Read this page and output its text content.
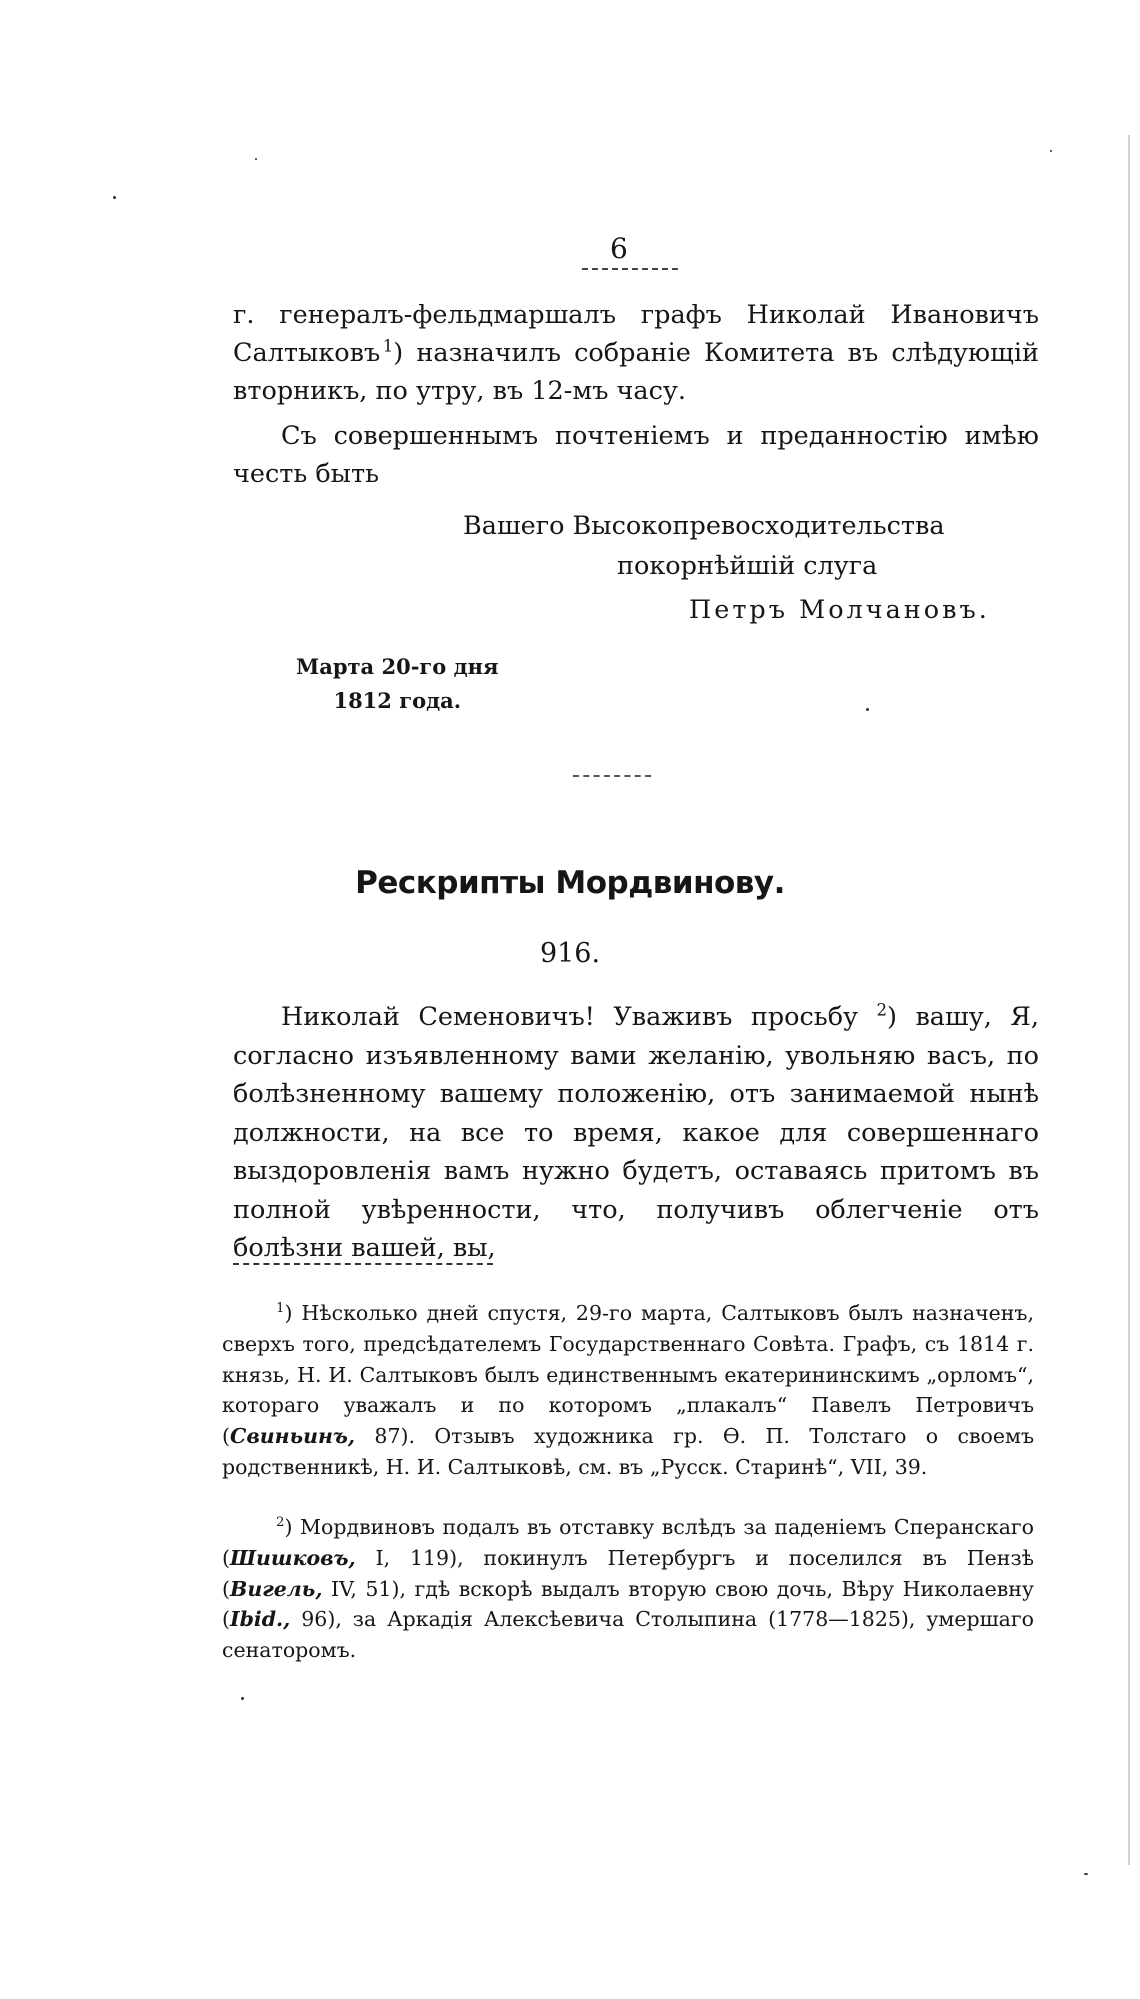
6

г. генералъ-фельдмаршалъ графъ Николай Ивановичъ Салтыковъ  $^1$) назначилъ собраніе Комитета въ слѣдующій вторникъ, по утру, въ 12-мъ часу.

Съ совершеннымъ почтеніемъ и преданностію имѣю честь быть

Вашего Высокопревосходительства
покорнѣйшій слуга
Петръ Молчановъ.
Марта 20-го дня
1812 года.
Рескрипты Мордвинову.
916.

Николай Семеновичъ! Уваживъ просьбу $^2$) вашу, Я, согласно изъявленному вами желанію, увольняю васъ, по болѣзненному вашему положенію, отъ занимаемой нынѣ должности, на все то время, какое для совершеннаго выздоровленія вамъ нужно будетъ, оставаясь притомъ въ полной увѣренности, что, получивъ облегченіе отъ болѣзни вашей, вы,

$^1$) Нѣсколько дней спустя, 29-го марта, Салтыковъ былъ назначенъ, сверхъ того, предсѣдателемъ Государственнаго Совѣта. Графъ, съ 1814 г. князь, Н. И. Салтыковъ былъ единственнымъ екатерининскимъ „орломъ“, котораго уважалъ и по которомъ „плакалъ“ Павелъ Петровичъ (Свиньинъ, 87). Отзывъ художника гр. Ѳ. П. Толстаго о своемъ родственникѣ, Н. И. Салтыковѣ, см. въ „Русск. Старинѣ“, VII, 39.

$^2$) Мордвиновъ подалъ въ отставку вслѣдъ за паденіемъ Сперанскаго (Шишковъ, I, 119), покинулъ Петербургъ и поселился въ Пензѣ (Вигель, IV, 51), гдѣ вскорѣ выдалъ вторую свою дочь, Вѣру Николаевну (Ibid., 96), за Аркадія Алексѣевича Столыпина (1778—1825), умершаго сенаторомъ.
